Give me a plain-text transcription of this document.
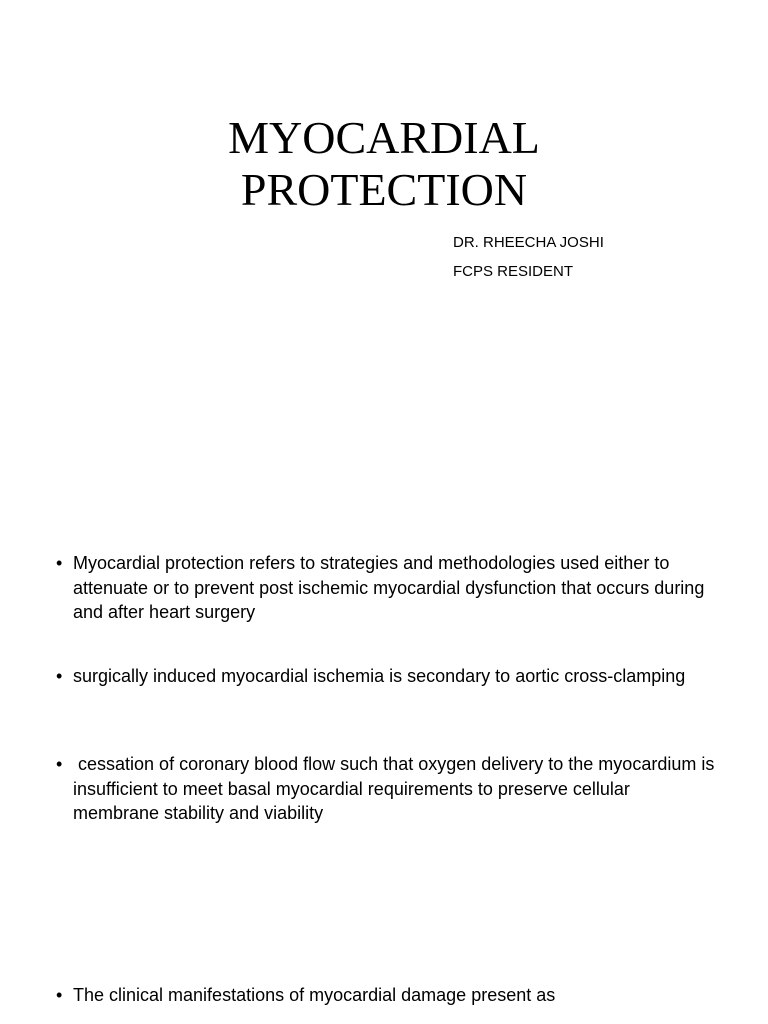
MYOCARDIAL
PROTECTION
DR. RHEECHA JOSHI
FCPS RESIDENT
• Myocardial protection refers to strategies and methodologies used either to attenuate or to prevent post ischemic myocardial dysfunction that occurs during and after heart surgery
• surgically induced myocardial ischemia is secondary to aortic cross-clamping
• cessation of coronary blood flow such that oxygen delivery to the myocardium is insufficient to meet basal myocardial requirements to preserve cellular membrane stability and viability
• The clinical manifestations of myocardial damage present as
